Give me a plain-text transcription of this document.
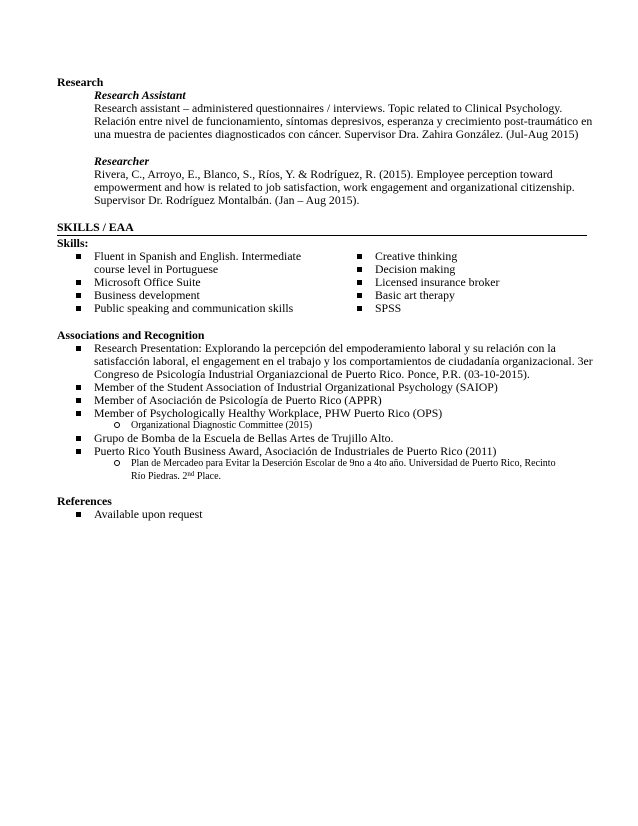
Research
Research Assistant
Research assistant – administered questionnaires / interviews. Topic related to Clinical Psychology.
Relación entre nivel de funcionamiento, síntomas depresivos, esperanza y crecimiento post-traumático en
una muestra de pacientes diagnosticados con cáncer. Supervisor Dra. Zahira González. (Jul-Aug 2015)
Researcher
Rivera, C., Arroyo, E., Blanco, S., Ríos, Y. & Rodríguez, R. (2015). Employee perception toward
empowerment and how is related to job satisfaction, work engagement and organizational citizenship.
Supervisor Dr. Rodríguez Montalbán. (Jan – Aug 2015).
SKILLS / EAA
Skills:
Fluent in Spanish and English. Intermediate
course level in Portuguese
Microsoft Office Suite
Business development
Public speaking and communication skills
Creative thinking
Decision making
Licensed insurance broker
Basic art therapy
SPSS
Associations and Recognition
Research Presentation: Explorando la percepción del empoderamiento laboral y su relación con la
satisfacción laboral, el engagement en el trabajo y los comportamientos de ciudadanía organizacional. 3er
Congreso de Psicología Industrial Organiazcional de Puerto Rico. Ponce, P.R. (03-10-2015).
Member of the Student Association of Industrial Organizational Psychology (SAIOP)
Member of Asociación de Psicología de Puerto Rico (APPR)
Member of Psychologically Healthy Workplace, PHW Puerto Rico (OPS)
Organizational Diagnostic Committee (2015)
Grupo de Bomba de la Escuela de Bellas Artes de Trujillo Alto.
Puerto Rico Youth Business Award, Asociación de Industriales de Puerto Rico (2011)
Plan de Mercadeo para Evitar la Deserción Escolar de 9no a 4to año. Universidad de Puerto Rico, Recinto
Río Piedras. 2nd Place.
References
Available upon request
